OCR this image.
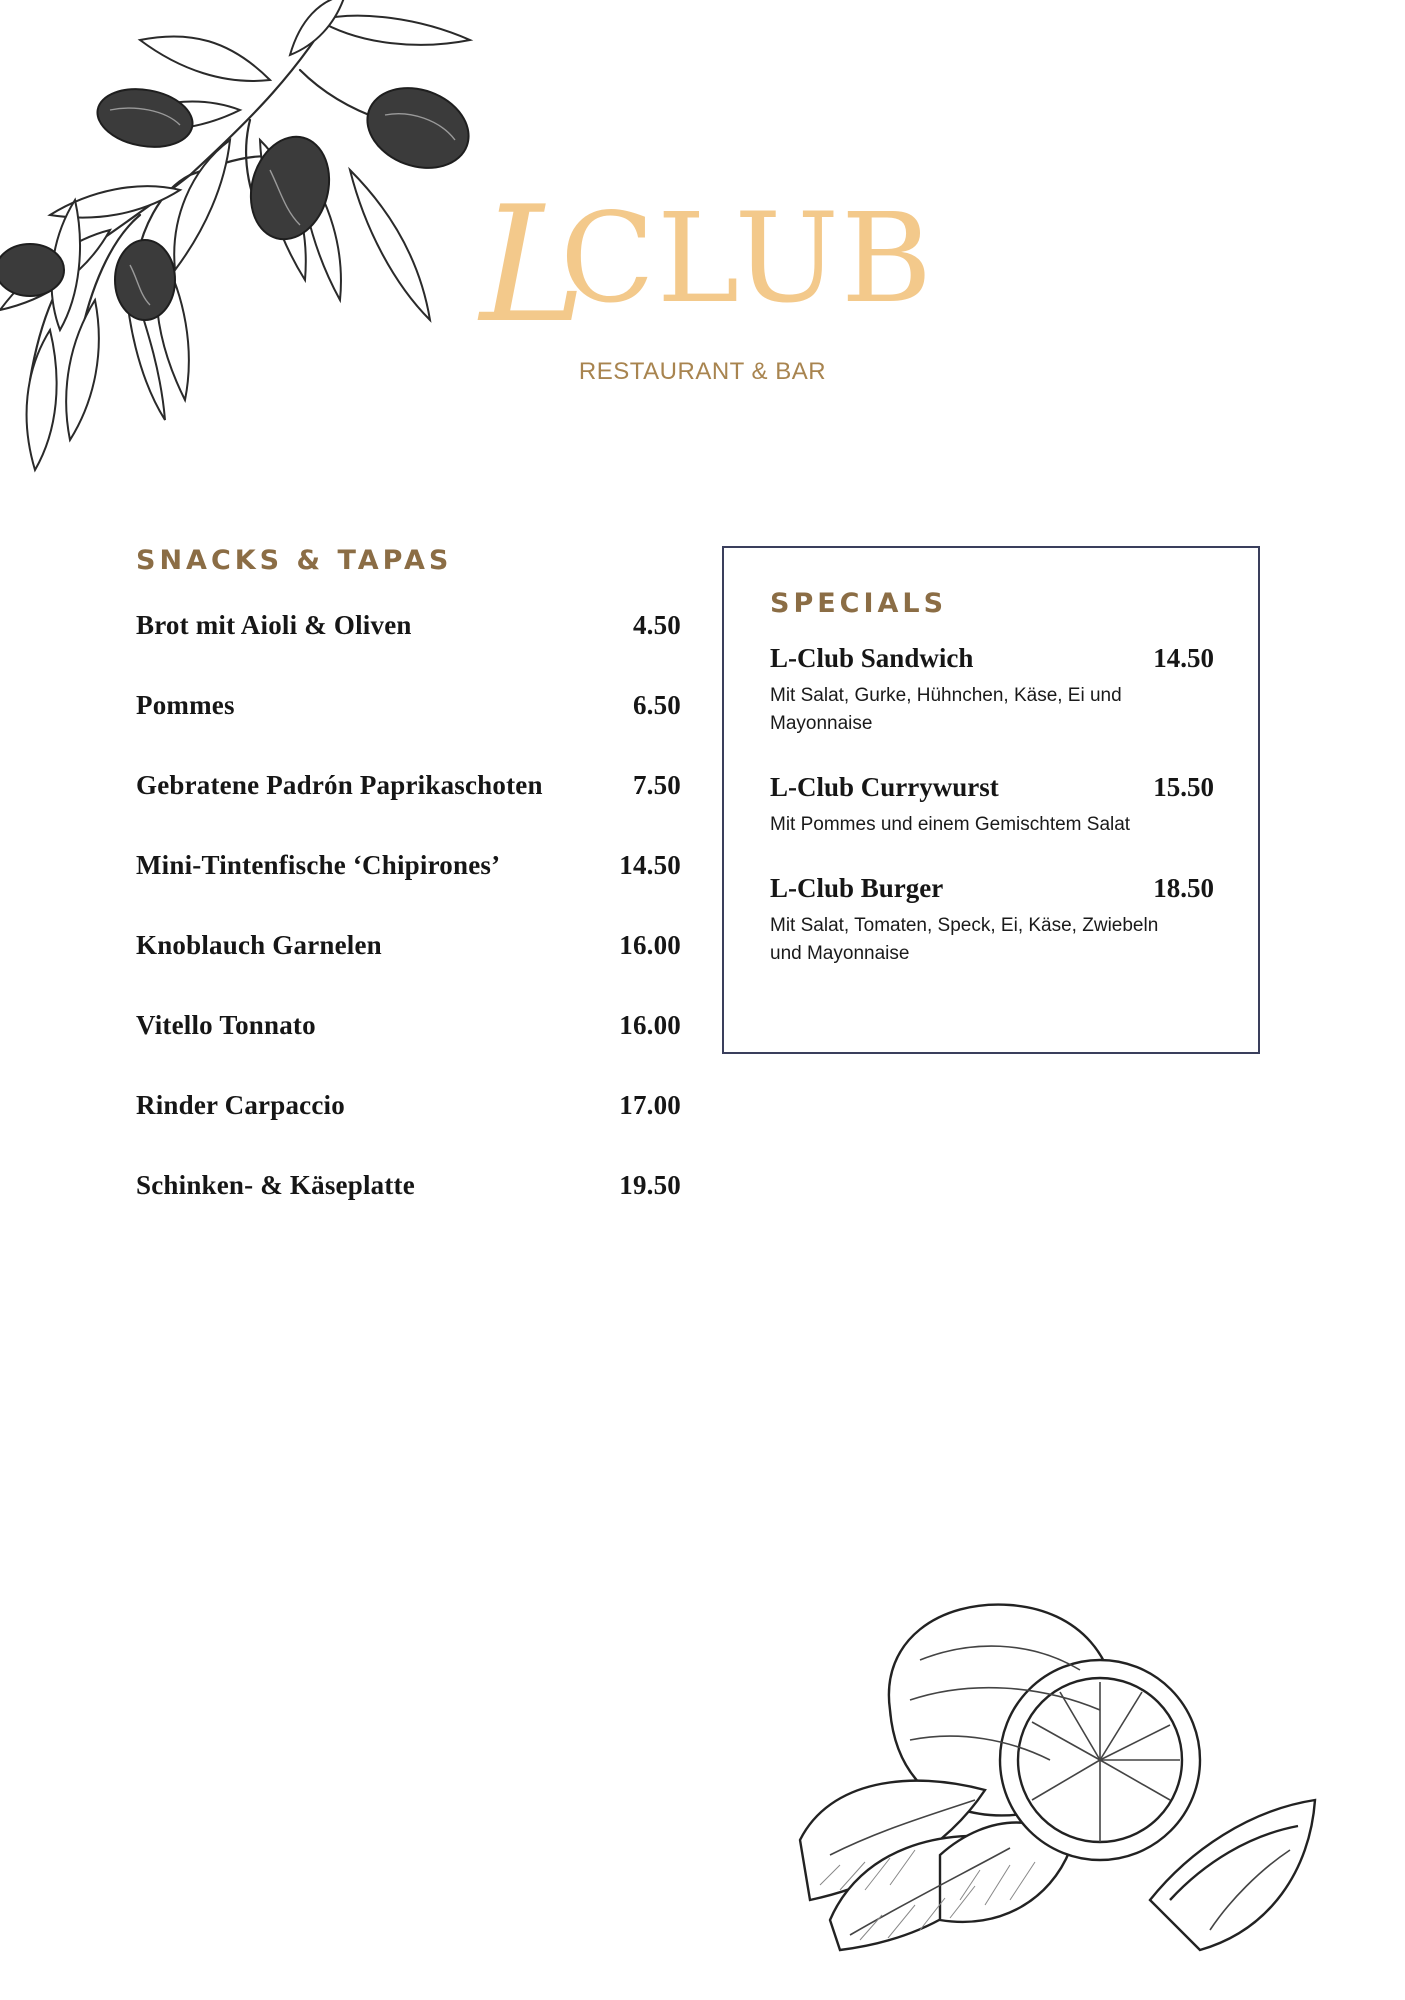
L
CLUB
RESTAURANT & BAR
SNACKS & TAPAS
Brot mit Aioli & Oliven	4.50
Pommes	6.50
Gebratene Padrón Paprikaschoten	7.50
Mini-Tintenfische ‘Chipirones’	14.50
Knoblauch Garnelen	16.00
Vitello Tonnato	16.00
Rinder Carpaccio	17.00
Schinken- & Käseplatte	19.50
SPECIALS
L-Club Sandwich	14.50
Mit Salat, Gurke, Hühnchen, Käse, Ei und Mayonnaise
L-Club Currywurst	15.50
Mit Pommes und einem Gemischtem Salat
L-Club Burger	18.50
Mit Salat, Tomaten, Speck, Ei, Käse, Zwiebeln und Mayonnaise
